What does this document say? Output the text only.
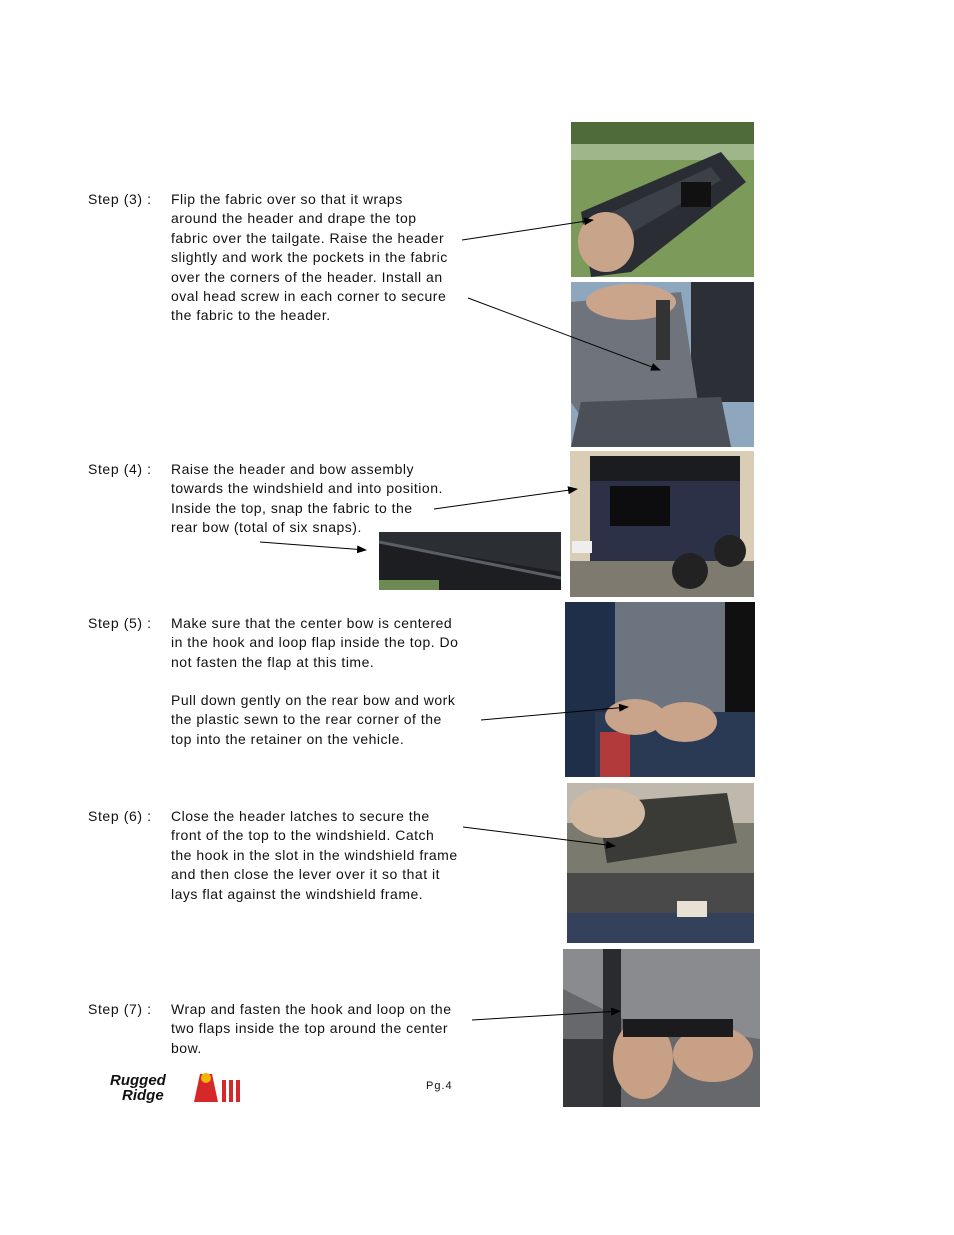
Step (3) : Flip the fabric over so that it wraps
around the header and drape the top
fabric over the tailgate. Raise the header
slightly and work the pockets in the fabric
over the corners of the header. Install an
oval head screw in each corner to secure
the fabric to the header.
Step (4) : Raise the header and bow assembly
towards the windshield and into position.
Inside the top, snap the fabric to the
rear bow (total of six snaps).
Step (5) : Make sure that the center bow is centered
in the hook and loop flap inside the top. Do
not fasten the flap at this time.
Pull down gently on the rear bow and work
the plastic sewn to the rear corner of the
top into the retainer on the vehicle.
Step (6) : Close the header latches to secure the
front of the top to the windshield. Catch
the hook in the slot in the windshield frame
and then close the lever over it so that it
lays flat against the windshield frame.
Step (7) : Wrap and fasten the hook and loop on the
two flaps inside the top around the center
bow.
Rugged
Ridge
Pg.4
